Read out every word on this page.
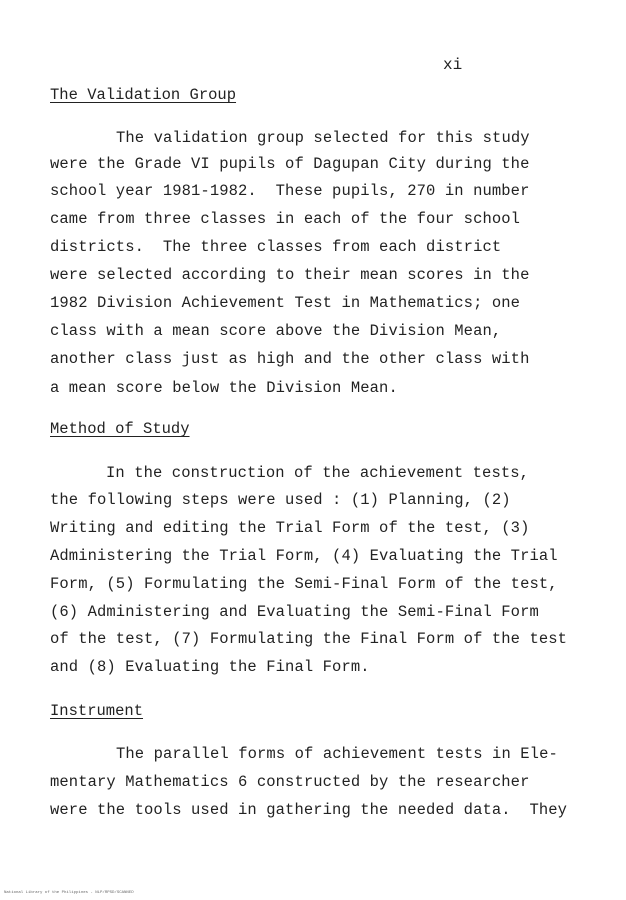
xi
The Validation Group
The validation group selected for this study
were the Grade VI pupils of Dagupan City during the
school year 1981-1982.  These pupils, 270 in number
came from three classes in each of the four school
districts.  The three classes from each district
were selected according to their mean scores in the
1982 Division Achievement Test in Mathematics; one
class with a mean score above the Division Mean,
another class just as high and the other class with
a mean score below the Division Mean.
Method of Study
In the construction of the achievement tests,
the following steps were used : (1) Planning, (2)
Writing and editing the Trial Form of the test, (3)
Administering the Trial Form, (4) Evaluating the Trial
Form, (5) Formulating the Semi-Final Form of the test,
(6) Administering and Evaluating the Semi-Final Form
of the test, (7) Formulating the Final Form of the test
and (8) Evaluating the Final Form.
Instrument
The parallel forms of achievement tests in Ele-
mentary Mathematics 6 constructed by the researcher
were the tools used in gathering the needed data.  They
National Library of the Philippines - NLP/RPSD/SCANNED
